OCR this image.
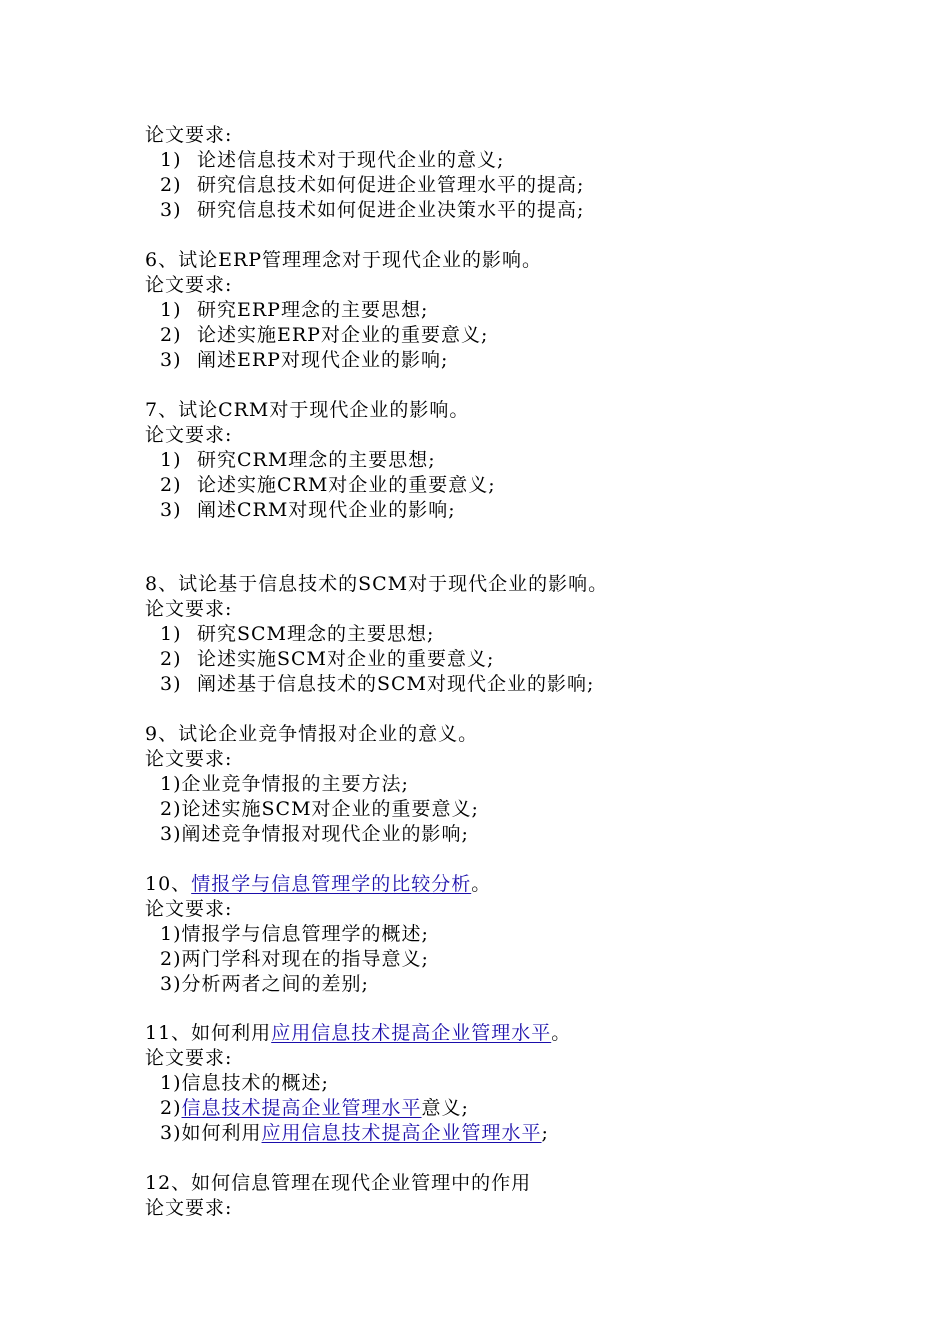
论文要求:
1) 论述信息技术对于现代企业的意义;
2) 研究信息技术如何促进企业管理水平的提高;
3) 研究信息技术如何促进企业决策水平的提高;
6、试论ERP管理理念对于现代企业的影响。
论文要求:
1) 研究ERP理念的主要思想;
2) 论述实施ERP对企业的重要意义;
3) 阐述ERP对现代企业的影响;
7、试论CRM对于现代企业的影响。
论文要求:
1) 研究CRM理念的主要思想;
2) 论述实施CRM对企业的重要意义;
3) 阐述CRM对现代企业的影响;
8、试论基于信息技术的SCM对于现代企业的影响。
论文要求:
1) 研究SCM理念的主要思想;
2) 论述实施SCM对企业的重要意义;
3) 阐述基于信息技术的SCM对现代企业的影响;
9、试论企业竞争情报对企业的意义。
论文要求:
1)企业竞争情报的主要方法;
2)论述实施SCM对企业的重要意义;
3)阐述竞争情报对现代企业的影响;
10、情报学与信息管理学的比较分析。
论文要求:
1)情报学与信息管理学的概述;
2)两门学科对现在的指导意义;
3)分析两者之间的差别;
11、如何利用应用信息技术提高企业管理水平。
论文要求:
1)信息技术的概述;
2)信息技术提高企业管理水平意义;
3)如何利用应用信息技术提高企业管理水平;
12、如何信息管理在现代企业管理中的作用
论文要求:
